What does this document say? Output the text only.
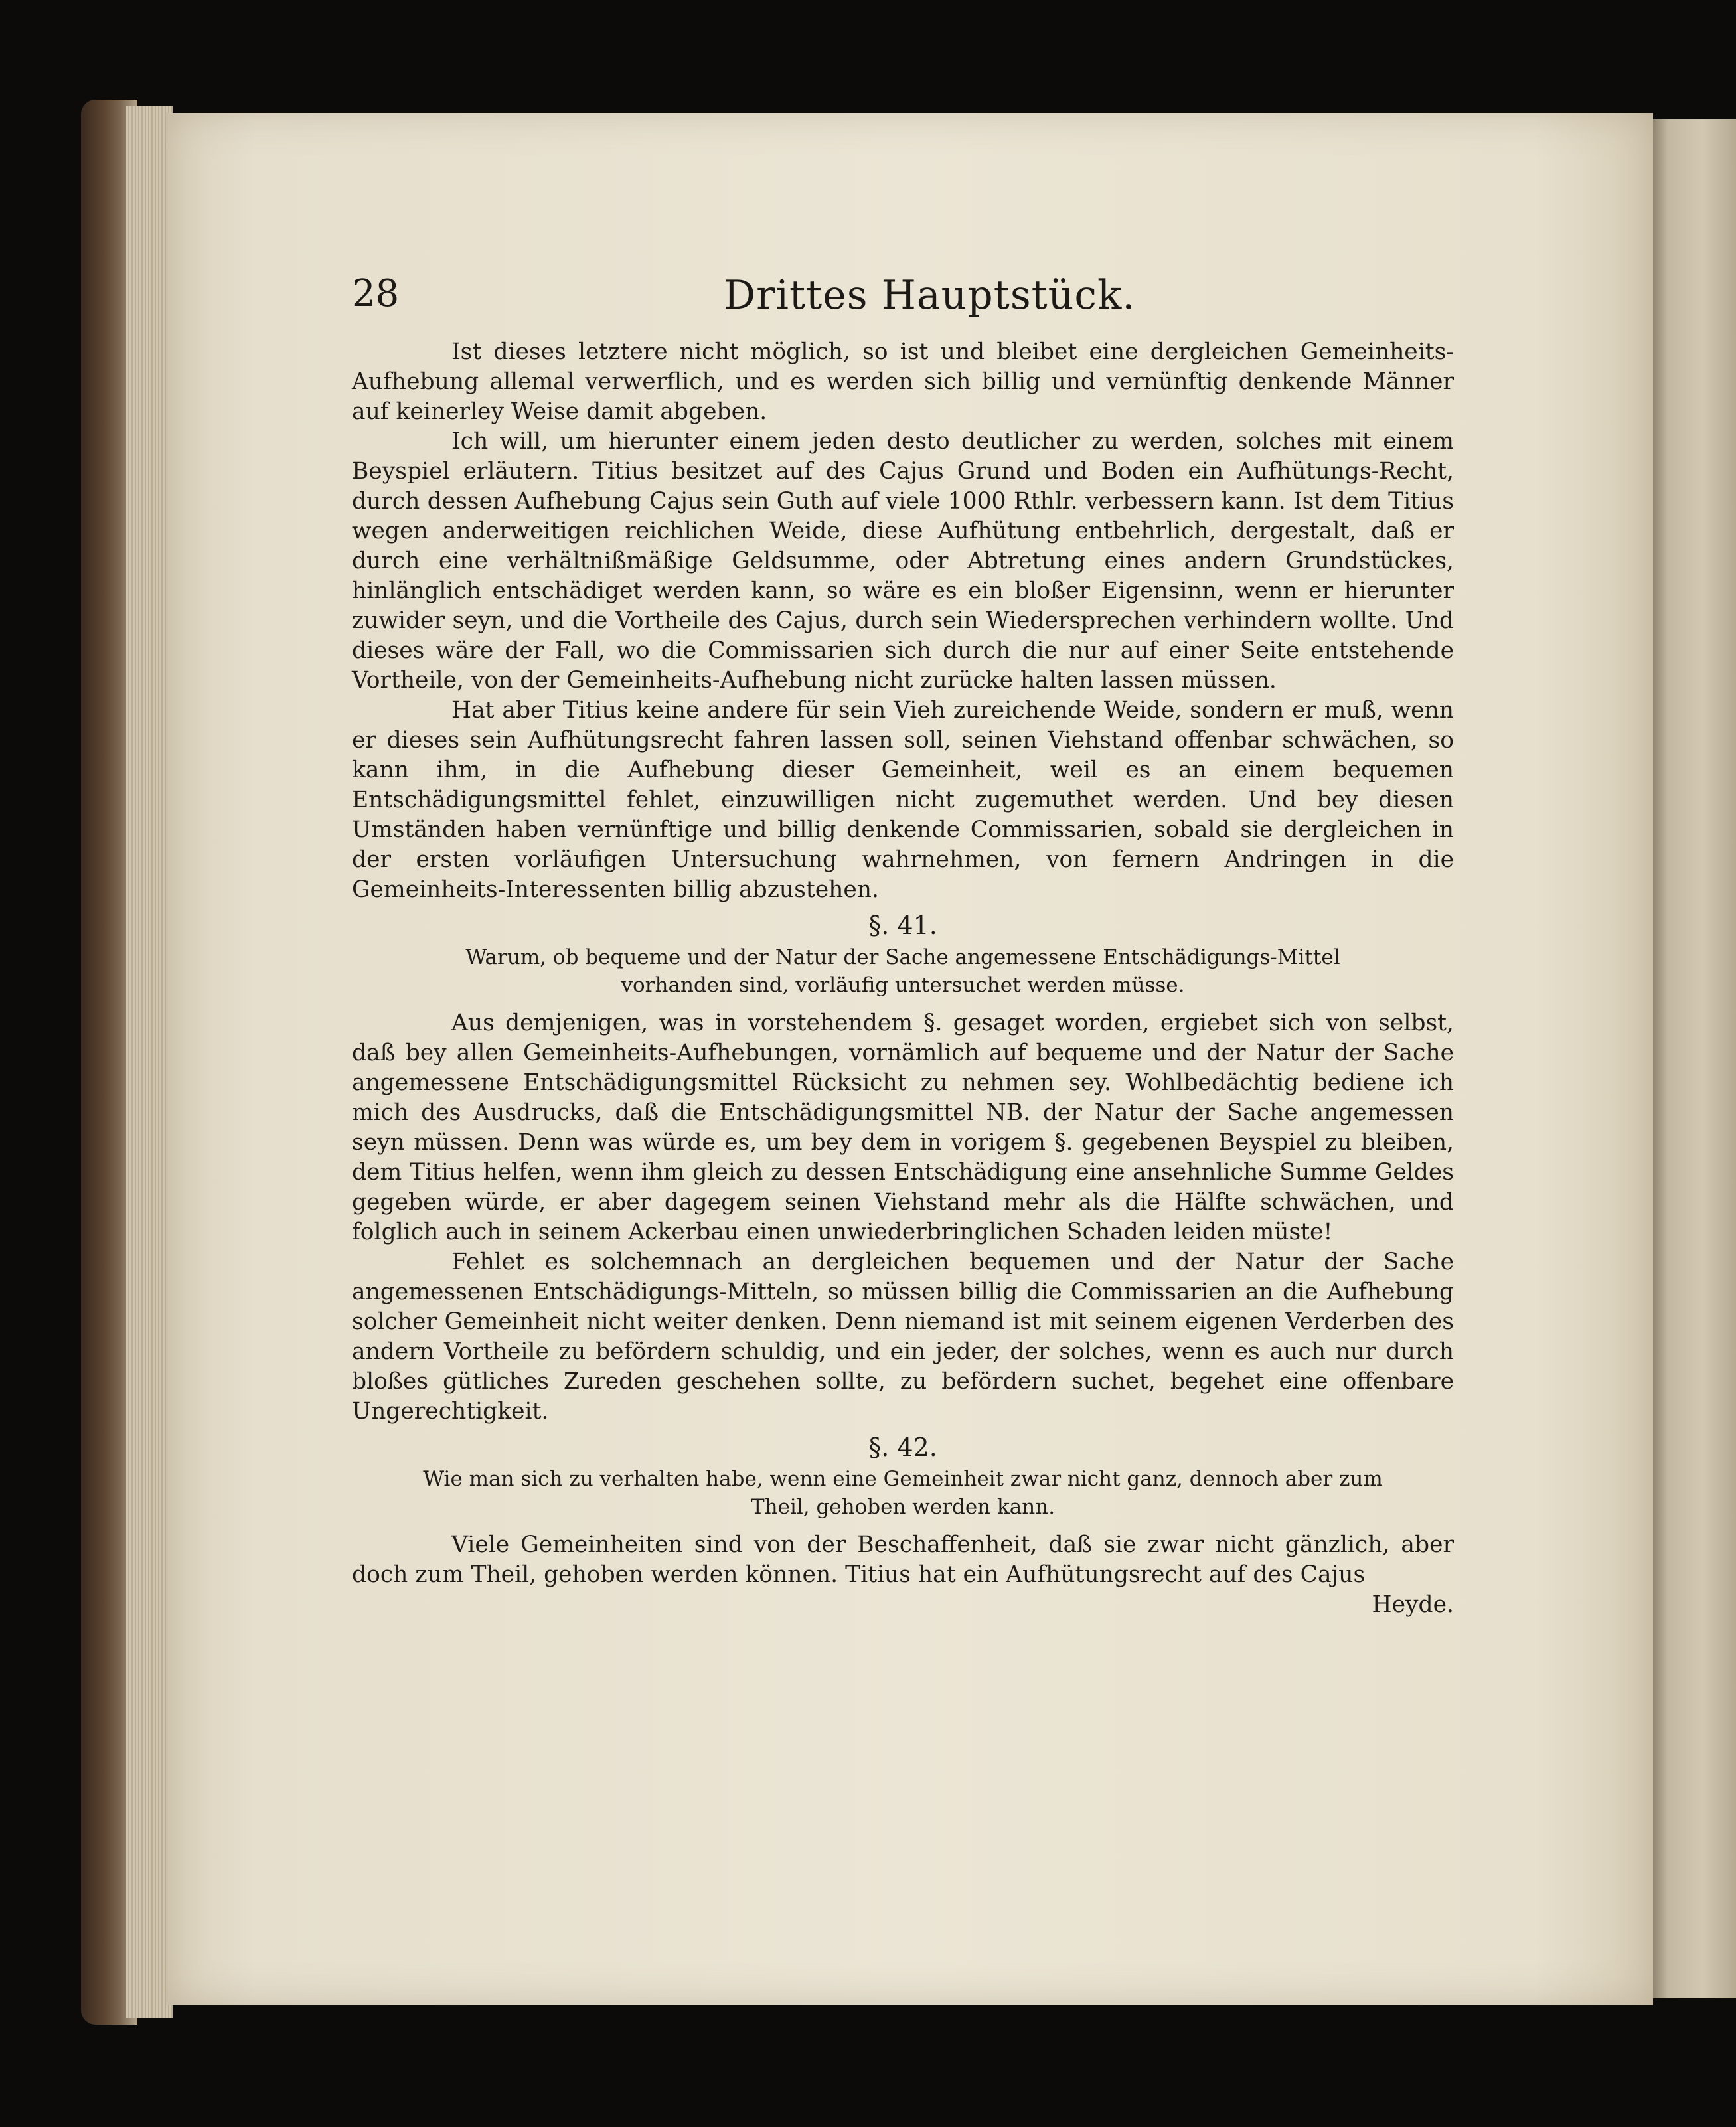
28	Drittes Hauptstück.

Ist dieses letztere nicht möglich, so ist und bleibet eine dergleichen Gemeinheits-Aufhebung allemal verwerflich, und es werden sich billig und vernünftig denkende Männer auf keinerley Weise damit abgeben.

Ich will, um hierunter einem jeden desto deutlicher zu werden, solches mit einem Beyspiel erläutern. Titius besitzet auf des Cajus Grund und Boden ein Aufhütungs-Recht, durch dessen Aufhebung Cajus sein Guth auf viele 1000 Rthlr. verbessern kann. Ist dem Titius wegen anderweitigen reichlichen Weide, diese Aufhütung entbehrlich, dergestalt, daß er durch eine verhältnißmäßige Geldsumme, oder Abtretung eines andern Grundstückes, hinlänglich entschädiget werden kann, so wäre es ein bloßer Eigensinn, wenn er hierunter zuwider seyn, und die Vortheile des Cajus, durch sein Wiedersprechen verhindern wollte. Und dieses wäre der Fall, wo die Commissarien sich durch die nur auf einer Seite entstehende Vortheile, von der Gemeinheits-Aufhebung nicht zurücke halten lassen müssen.

Hat aber Titius keine andere für sein Vieh zureichende Weide, sondern er muß, wenn er dieses sein Aufhütungsrecht fahren lassen soll, seinen Viehstand offenbar schwächen, so kann ihm, in die Aufhebung dieser Gemeinheit, weil es an einem bequemen Entschädigungsmittel fehlet, einzuwilligen nicht zugemuthet werden. Und bey diesen Umständen haben vernünftige und billig denkende Commissarien, sobald sie dergleichen in der ersten vorläufigen Untersuchung wahrnehmen, von fernern Andringen in die Gemeinheits-Interessenten billig abzustehen.

§. 41.
Warum, ob bequeme und der Natur der Sache angemessene Entschädigungs-Mittel vorhanden sind, vorläufig untersuchet werden müsse.

Aus demjenigen, was in vorstehendem §. gesaget worden, ergiebet sich von selbst, daß bey allen Gemeinheits-Aufhebungen, vornämlich auf bequeme und der Natur der Sache angemessene Entschädigungsmittel Rücksicht zu nehmen sey. Wohlbedächtig bediene ich mich des Ausdrucks, daß die Entschädigungsmittel NB. der Natur der Sache angemessen seyn müssen. Denn was würde es, um bey dem in vorigem §. gegebenen Beyspiel zu bleiben, dem Titius helfen, wenn ihm gleich zu dessen Entschädigung eine ansehnliche Summe Geldes gegeben würde, er aber dagegem seinen Viehstand mehr als die Hälfte schwächen, und folglich auch in seinem Ackerbau einen unwiederbringlichen Schaden leiden müste!

Fehlet es solchemnach an dergleichen bequemen und der Natur der Sache angemessenen Entschädigungs-Mitteln, so müssen billig die Commissarien an die Aufhebung solcher Gemeinheit nicht weiter denken. Denn niemand ist mit seinem eigenen Verderben des andern Vortheile zu befördern schuldig, und ein jeder, der solches, wenn es auch nur durch bloßes gütliches Zureden geschehen sollte, zu befördern suchet, begehet eine offenbare Ungerechtigkeit.

§. 42.
Wie man sich zu verhalten habe, wenn eine Gemeinheit zwar nicht ganz, dennoch aber zum Theil, gehoben werden kann.

Viele Gemeinheiten sind von der Beschaffenheit, daß sie zwar nicht gänzlich, aber doch zum Theil, gehoben werden können. Titius hat ein Aufhütungsrecht auf des Cajus

Heyde.
